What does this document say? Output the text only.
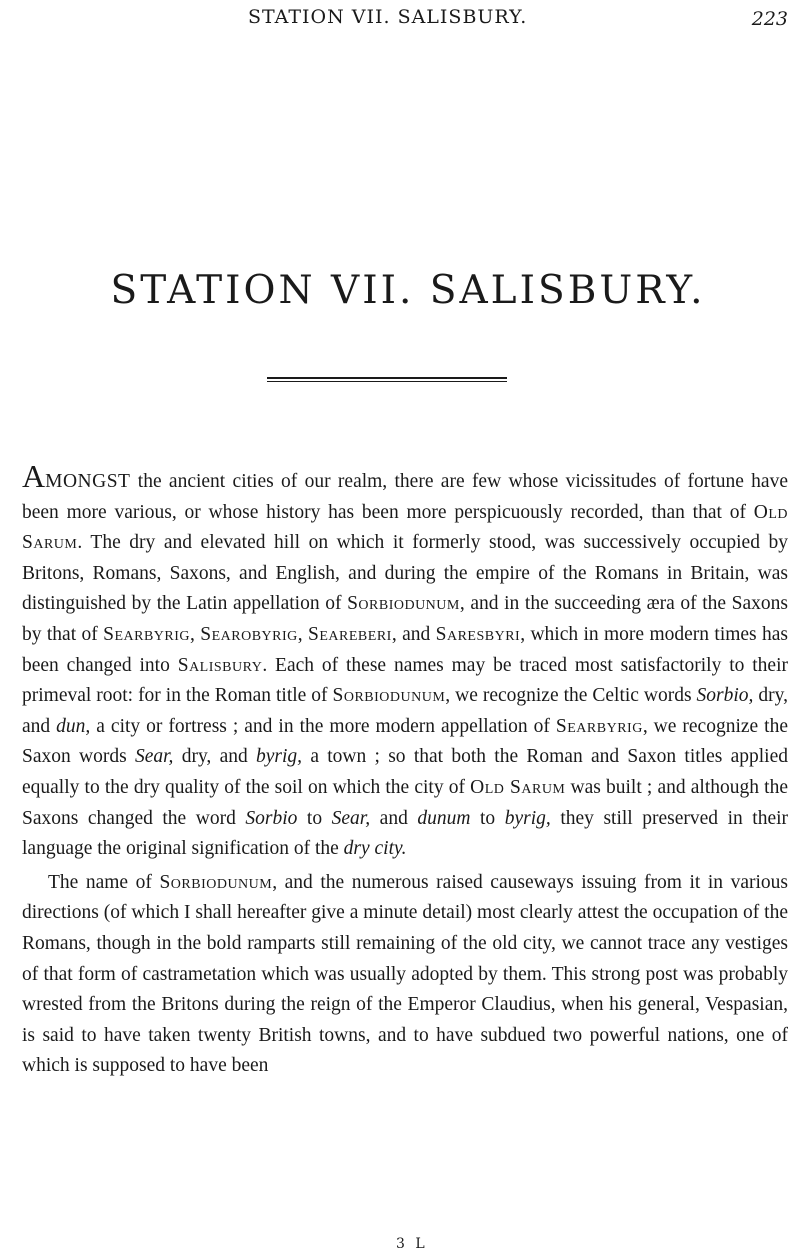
STATION VII. SALISBURY.	223
STATION VII. SALISBURY.

AMONGST the ancient cities of our realm, there are few whose vicissitudes of fortune have been more various, or whose history has been more perspicuously recorded, than that of Old Sarum. The dry and elevated hill on which it formerly stood, was successively occupied by Britons, Romans, Saxons, and English, and during the empire of the Romans in Britain, was distinguished by the Latin appellation of Sorbiodunum, and in the succeeding æra of the Saxons by that of Searbyrig, Searobyrig, Seareberi, and Saresbyri, which in more modern times has been changed into Salisbury. Each of these names may be traced most satisfactorily to their primeval root: for in the Roman title of Sorbiodunum, we recognize the Celtic words Sorbio, dry, and dun, a city or fortress ; and in the more modern appellation of Searbyrig, we recognize the Saxon words Sear, dry, and byrig, a town ; so that both the Roman and Saxon titles applied equally to the dry quality of the soil on which the city of Old Sarum was built ; and although the Saxons changed the word Sorbio to Sear, and dunum to byrig, they still preserved in their language the original signification of the dry city.

The name of Sorbiodunum, and the numerous raised causeways issuing from it in various directions (of which I shall hereafter give a minute detail) most clearly attest the occupation of the Romans, though in the bold ramparts still remaining of the old city, we cannot trace any vestiges of that form of castrametation which was usually adopted by them. This strong post was probably wrested from the Britons during the reign of the Emperor Claudius, when his general, Vespasian, is said to have taken twenty British towns, and to have subdued two powerful nations, one of which is supposed to have been

3 L
